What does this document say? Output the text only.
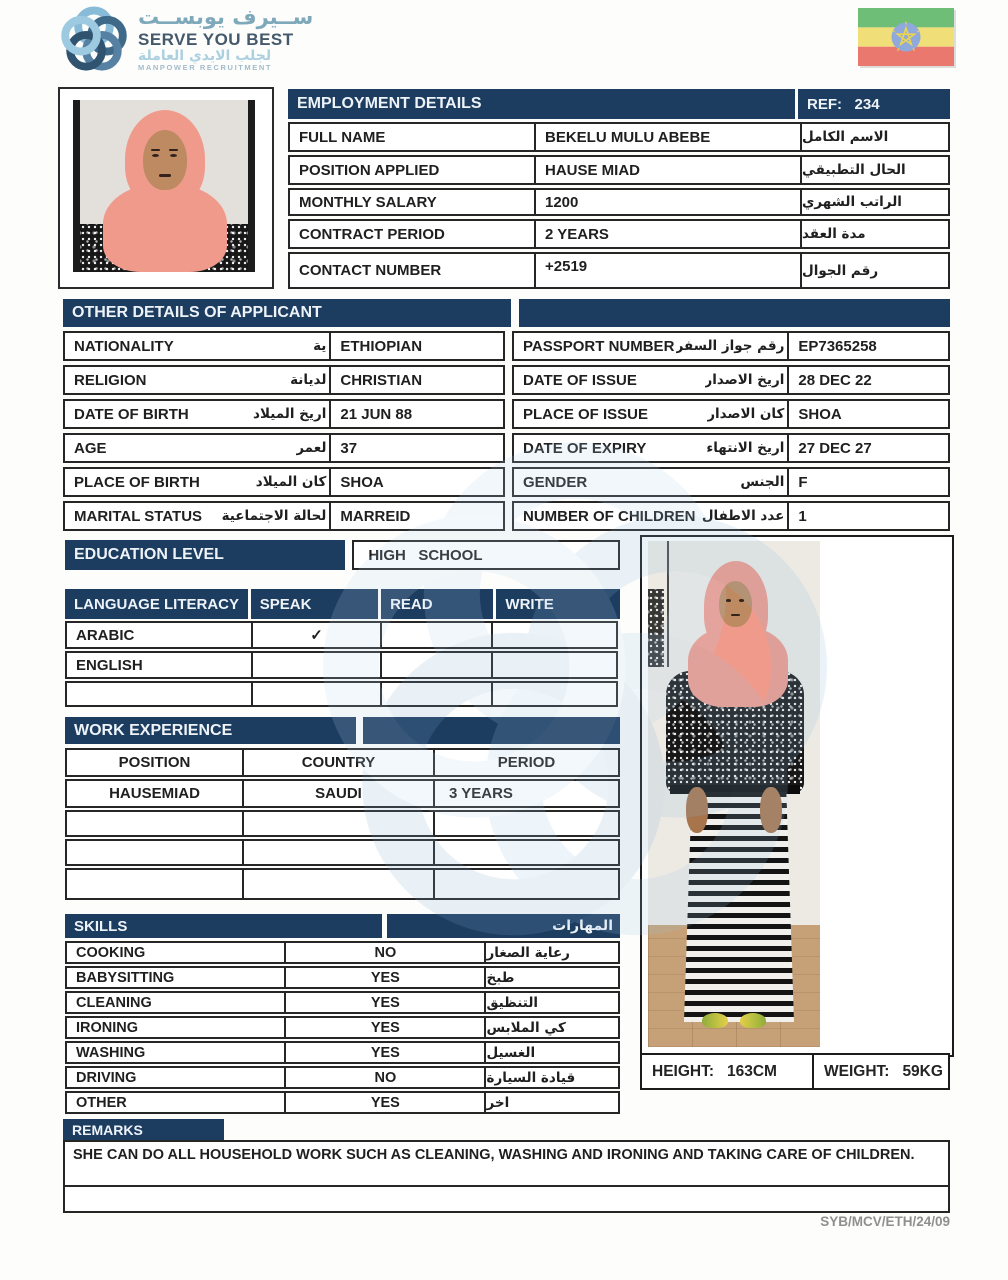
ســيرف يوبســت
SERVE YOU BEST
لجلب الايدي العاملة
MANPOWER RECRUITMENT
EMPLOYMENT DETAILS	REF:   234
FULL NAME	BEKELU MULU ABEBE	الاسم الكامل
POSITION APPLIED	HAUSE MIAD	الحال التطبيقي
MONTHLY SALARY	1200	الراتب الشهري
CONTRACT PERIOD	2 YEARS	مدة العقد
CONTACT NUMBER	+2519	رقم الجوال
OTHER DETAILS OF APPLICANT
NATIONALITY	ية ETHIOPIAN	PASSPORT NUMBER رقم جواز السفر EP7365258
RELIGION	لديانة CHRISTIAN	DATE OF ISSUE	اريخ الاصدار 28 DEC 22
DATE OF BIRTH	اريخ الميلاد 21 JUN 88	PLACE OF ISSUE	كان الاصدار SHOA
AGE	لعمر 37	DATE OF EXPIRY	اريخ الانتهاء 27 DEC 27
PLACE OF BIRTH	كان الميلاد SHOA	GENDER	الجنس F
MARITAL STATUS لحالة الاجتماعية MARREID	NUMBER OF CHILDREN عدد الاطفال 1
EDUCATION LEVEL	HIGH   SCHOOL
LANGUAGE LITERACY	SPEAK	READ	WRITE
ARABIC	✓
ENGLISH
WORK EXPERIENCE
POSITION	COUNTRY	PERIOD
HAUSEMIAD	SAUDI	3 YEARS
SKILLS	المهارات
COOKING	NO	رعاية الصغار
BABYSITTING	YES	طبخ
CLEANING	YES	التنظيق
IRONING	YES	كي الملابس
WASHING	YES	الغسيل
DRIVING	NO	قيادة السيارة
OTHER	YES	اخر
HEIGHT: 163CM	WEIGHT: 59KG
REMARKS
SHE CAN DO ALL HOUSEHOLD WORK SUCH AS CLEANING, WASHING AND IRONING AND TAKING CARE OF CHILDREN.
SYB/MCV/ETH/24/09
